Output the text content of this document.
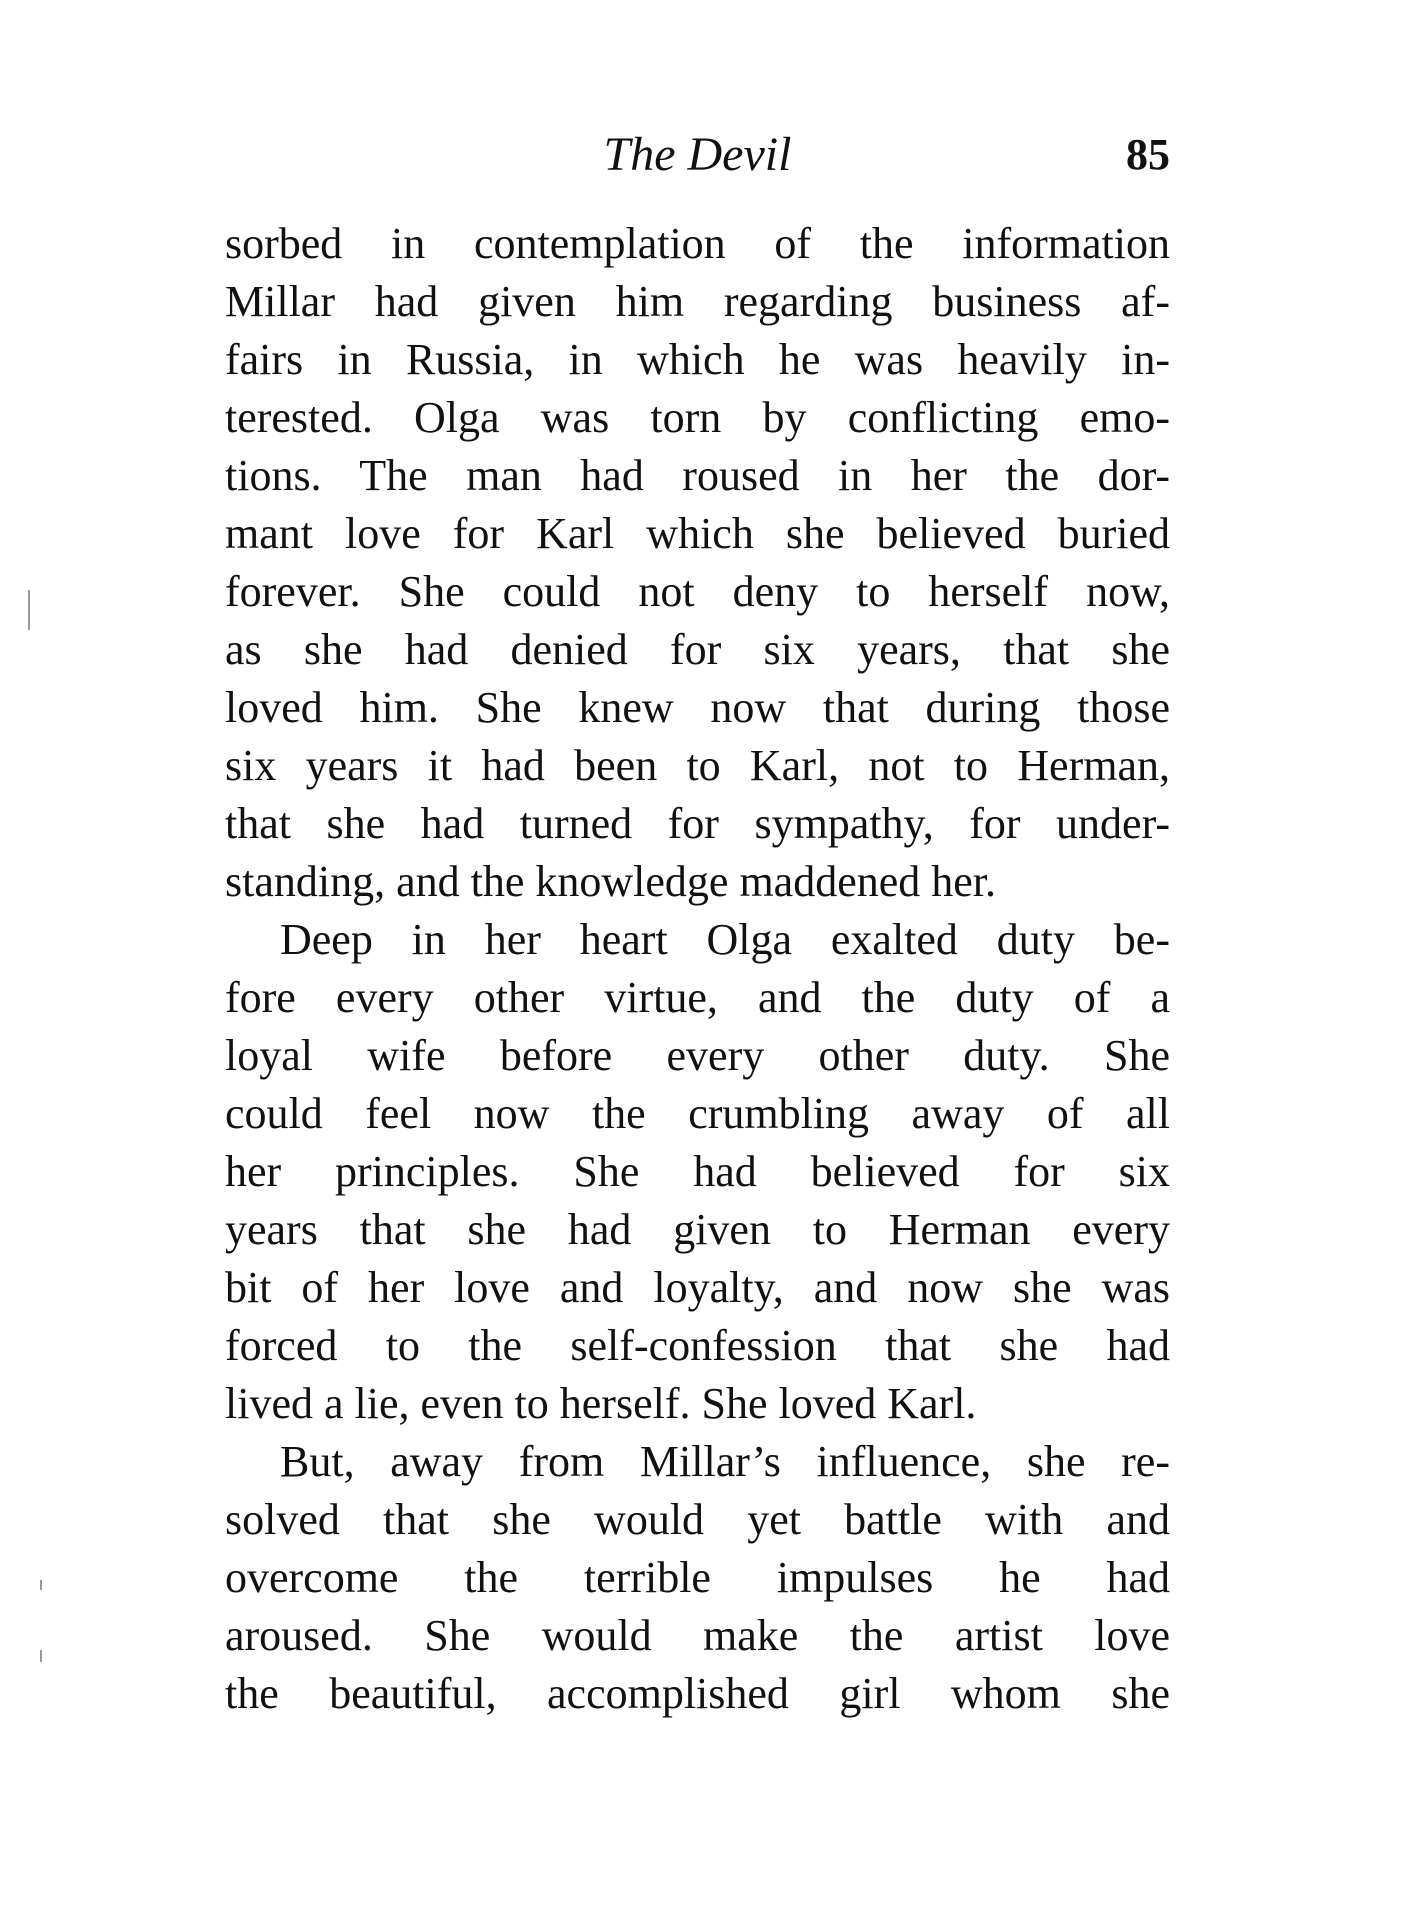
The Devil	85
sorbed in contemplation of the information
Millar had given him regarding business af-
fairs in Russia, in which he was heavily in-
terested. Olga was torn by conflicting emo-
tions. The man had roused in her the dor-
mant love for Karl which she believed buried
forever. She could not deny to herself now,
as she had denied for six years, that she
loved him. She knew now that during those
six years it had been to Karl, not to Herman,
that she had turned for sympathy, for under-
standing, and the knowledge maddened her.
Deep in her heart Olga exalted duty be-
fore every other virtue, and the duty of a
loyal wife before every other duty. She
could feel now the crumbling away of all
her principles. She had believed for six
years that she had given to Herman every
bit of her love and loyalty, and now she was
forced to the self-confession that she had
lived a lie, even to herself. She loved Karl.
But, away from Millar’s influence, she re-
solved that she would yet battle with and
overcome the terrible impulses he had
aroused. She would make the artist love
the beautiful, accomplished girl whom she
